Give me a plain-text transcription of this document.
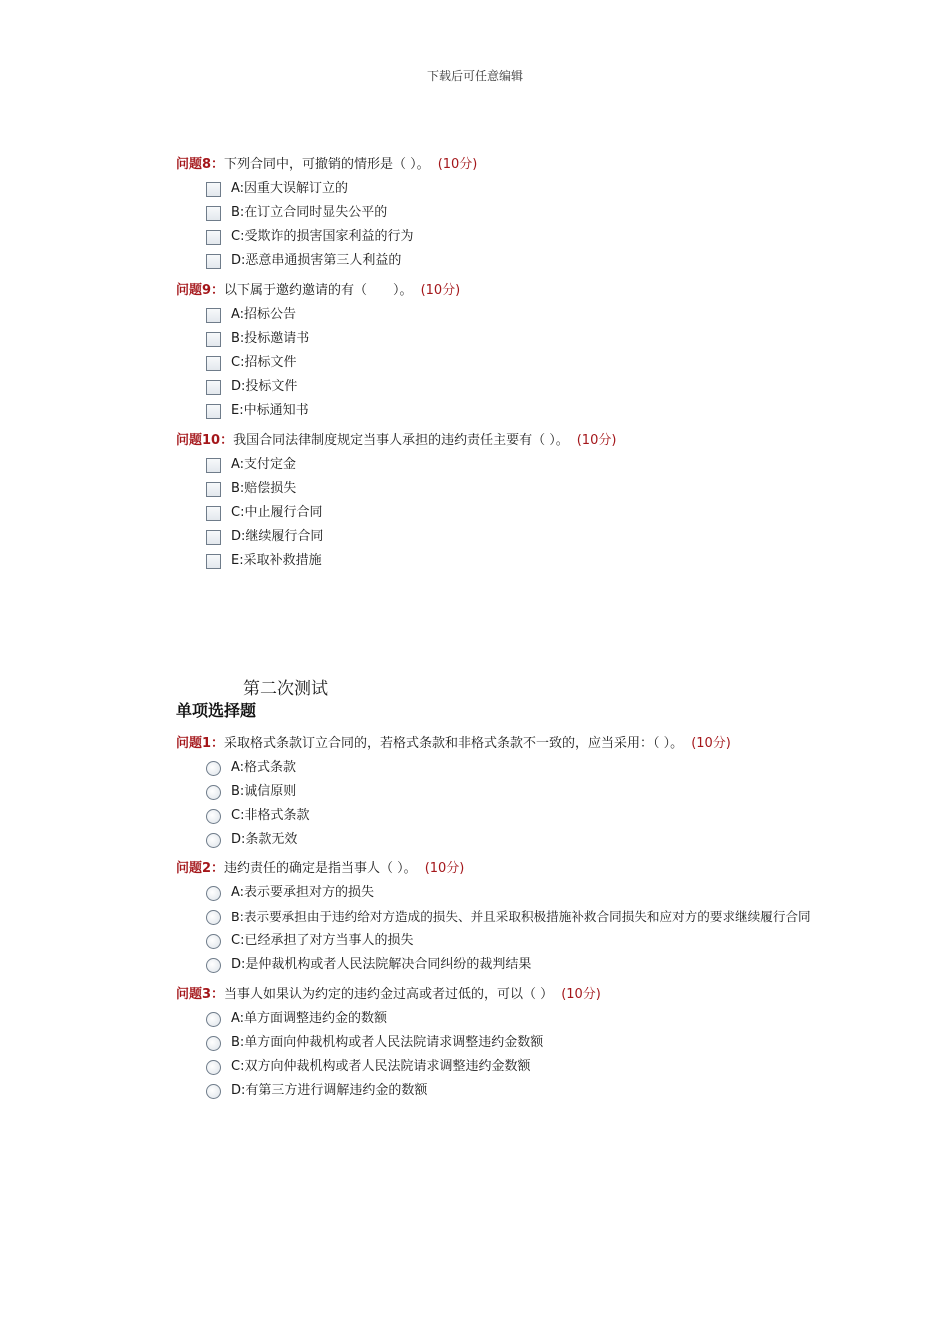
下载后可任意编辑
问题8：下列合同中，可撤销的情形是（ ）。 (10分)
A:因重大误解订立的
B:在订立合同时显失公平的
C:受欺诈的损害国家利益的行为
D:恶意串通损害第三人利益的
问题9：以下属于邀约邀请的有（　　）。 (10分)
A:招标公告
B:投标邀请书
C:招标文件
D:投标文件
E:中标通知书
问题10：我国合同法律制度规定当事人承担的违约责任主要有（ ）。 (10分)
A:支付定金
B:赔偿损失
C:中止履行合同
D:继续履行合同
E:采取补救措施
第二次测试
单项选择题
问题1：采取格式条款订立合同的，若格式条款和非格式条款不一致的，应当采用：（ ）。 (10分)
A:格式条款
B:诚信原则
C:非格式条款
D:条款无效
问题2：违约责任的确定是指当事人（ ）。 (10分)
A:表示要承担对方的损失
B:表示要承担由于违约给对方造成的损失、并且采取积极措施补救合同损失和应对方的要求继续履行合同
C:已经承担了对方当事人的损失
D:是仲裁机构或者人民法院解决合同纠纷的裁判结果
问题3：当事人如果认为约定的违约金过高或者过低的，可以（ ） (10分)
A:单方面调整违约金的数额
B:单方面向仲裁机构或者人民法院请求调整违约金数额
C:双方向仲裁机构或者人民法院请求调整违约金数额
D:有第三方进行调解违约金的数额
